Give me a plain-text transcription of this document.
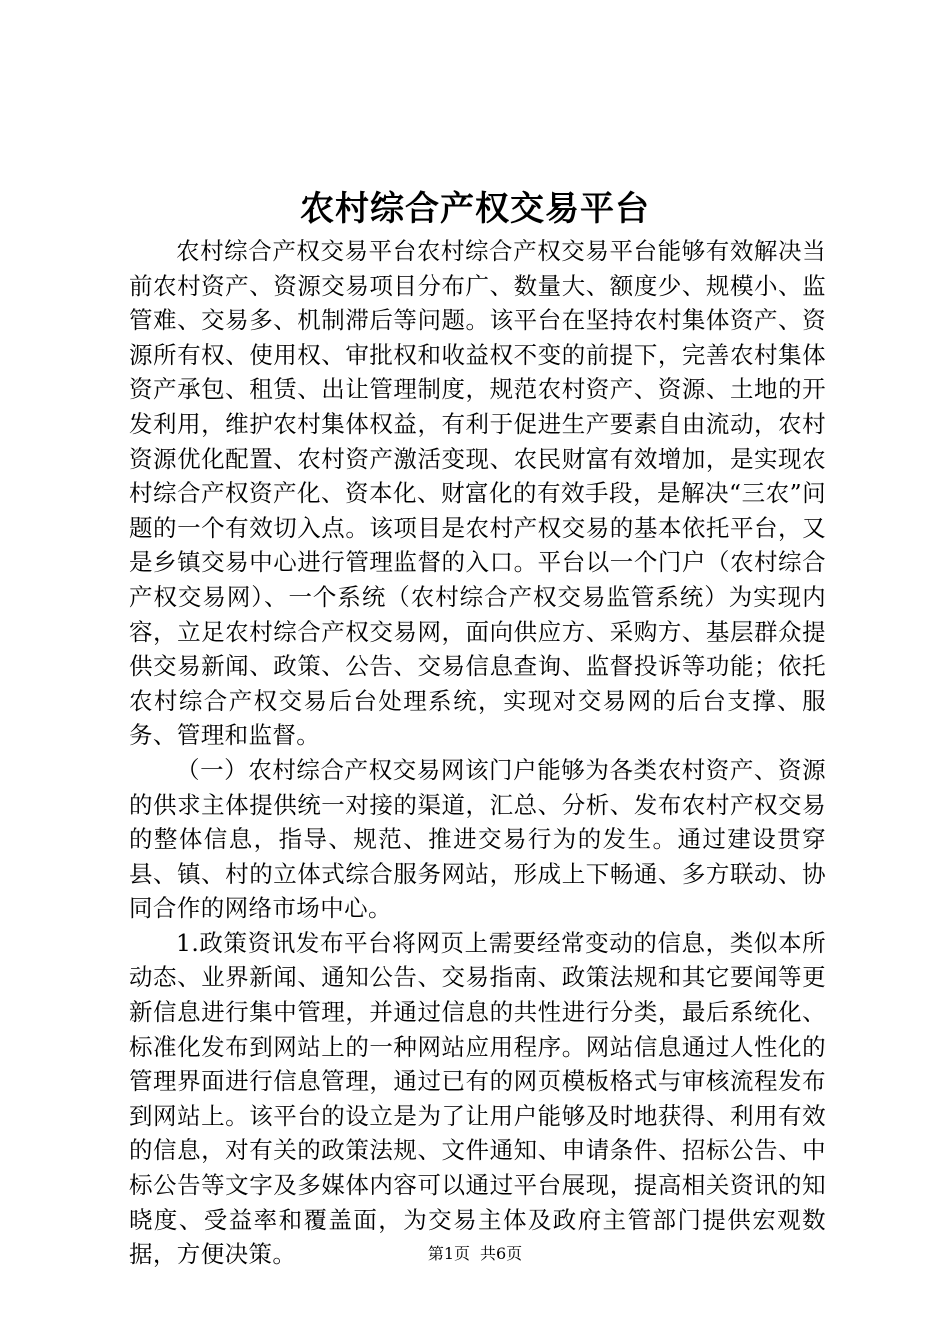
农村综合产权交易平台

农村综合产权交易平台农村综合产权交易平台能够有效解决当前农村资产、资源交易项目分布广、数量大、额度少、规模小、监管难、交易多、机制滞后等问题。该平台在坚持农村集体资产、资源所有权、使用权、审批权和收益权不变的前提下，完善农村集体资产承包、租赁、出让管理制度，规范农村资产、资源、土地的开发利用，维护农村集体权益，有利于促进生产要素自由流动，农村资源优化配置、农村资产激活变现、农民财富有效增加，是实现农村综合产权资产化、资本化、财富化的有效手段，是解决“三农”问题的一个有效切入点。该项目是农村产权交易的基本依托平台，又是乡镇交易中心进行管理监督的入口。平台以一个门户（农村综合产权交易网）、一个系统（农村综合产权交易监管系统）为实现内容，立足农村综合产权交易网，面向供应方、采购方、基层群众提供交易新闻、政策、公告、交易信息查询、监督投诉等功能；依托农村综合产权交易后台处理系统，实现对交易网的后台支撑、服务、管理和监督。

（一）农村综合产权交易网该门户能够为各类农村资产、资源的供求主体提供统一对接的渠道，汇总、分析、发布农村产权交易的整体信息，指导、规范、推进交易行为的发生。通过建设贯穿县、镇、村的立体式综合服务网站，形成上下畅通、多方联动、协同合作的网络市场中心。

1.政策资讯发布平台将网页上需要经常变动的信息，类似本所动态、业界新闻、通知公告、交易指南、政策法规和其它要闻等更新信息进行集中管理，并通过信息的共性进行分类，最后系统化、标准化发布到网站上的一种网站应用程序。网站信息通过人性化的管理界面进行信息管理，通过已有的网页模板格式与审核流程发布到网站上。该平台的设立是为了让用户能够及时地获得、利用有效的信息，对有关的政策法规、文件通知、申请条件、招标公告、中标公告等文字及多媒体内容可以通过平台展现，提高相关资讯的知晓度、受益率和覆盖面，为交易主体及政府主管部门提供宏观数据，方便决策。	第1页 共6页
